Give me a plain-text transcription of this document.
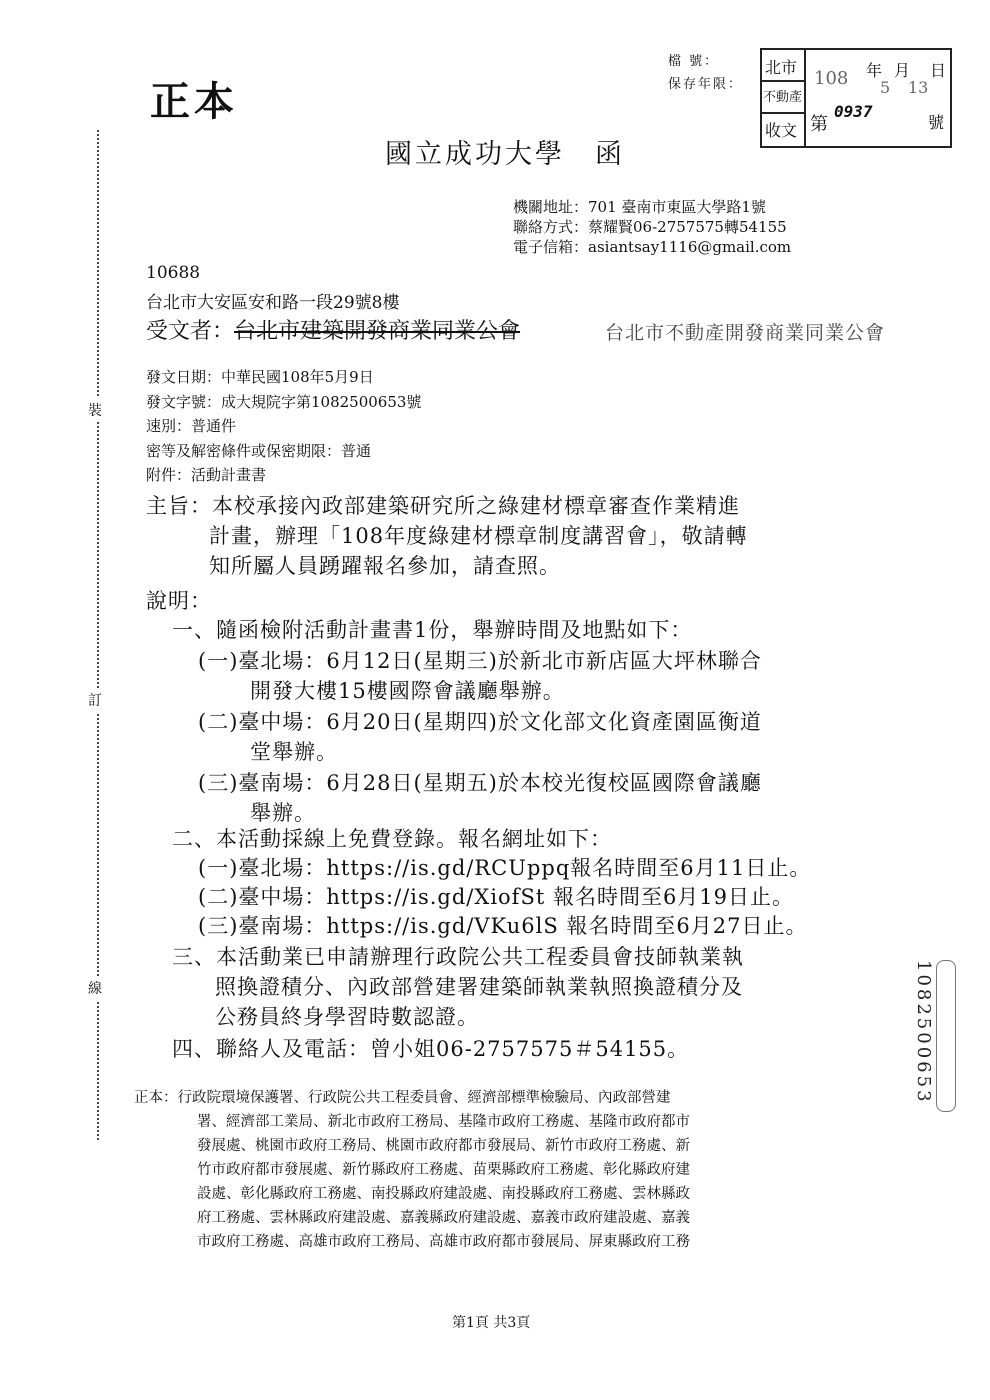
正本
檔 號：
保存年限：
北市
不動產
收文
108 年
5
月
13
日
第
0937
號
國立成功大學　函
機關地址：701 臺南市東區大學路1號
聯絡方式：蔡耀賢06-2757575轉54155
電子信箱：asiantsay1116@gmail.com
裝
訂
線
10688
台北市大安區安和路一段29號8樓
受文者：台北市建築開發商業同業公會	台北市不動產開發商業同業公會
發文日期：中華民國108年5月9日
發文字號：成大規院字第1082500653號
速別：普通件
密等及解密條件或保密期限：普通
附件：活動計畫書
主旨：本校承接內政部建築研究所之綠建材標章審查作業精進
計畫，辦理「108年度綠建材標章制度講習會」，敬請轉
知所屬人員踴躍報名參加，請查照。
說明：
一、隨函檢附活動計畫書1份，舉辦時間及地點如下：
(一)臺北場：6月12日(星期三)於新北市新店區大坪林聯合
開發大樓15樓國際會議廳舉辦。
(二)臺中場：6月20日(星期四)於文化部文化資產園區衡道
堂舉辦。
(三)臺南場：6月28日(星期五)於本校光復校區國際會議廳
舉辦。
二、本活動採線上免費登錄。報名網址如下：
(一)臺北場：https://is.gd/RCUppq報名時間至6月11日止。
(二)臺中場：https://is.gd/XiofSt 報名時間至6月19日止。
(三)臺南場：https://is.gd/VKu6lS 報名時間至6月27日止。
三、本活動業已申請辦理行政院公共工程委員會技師執業執
照換證積分、內政部營建署建築師執業執照換證積分及
公務員終身學習時數認證。
四、聯絡人及電話：曾小姐06-2757575＃54155。
正本：行政院環境保護署、行政院公共工程委員會、經濟部標準檢驗局、內政部營建
署、經濟部工業局、新北市政府工務局、基隆市政府工務處、基隆市政府都市
發展處、桃園市政府工務局、桃園市政府都市發展局、新竹市政府工務處、新
竹市政府都市發展處、新竹縣政府工務處、苗栗縣政府工務處、彰化縣政府建
設處、彰化縣政府工務處、南投縣政府建設處、南投縣政府工務處、雲林縣政
府工務處、雲林縣政府建設處、嘉義縣政府建設處、嘉義市政府建設處、嘉義
市政府工務處、高雄市政府工務局、高雄市政府都市發展局、屏東縣政府工務
1082500653
第1頁 共3頁
